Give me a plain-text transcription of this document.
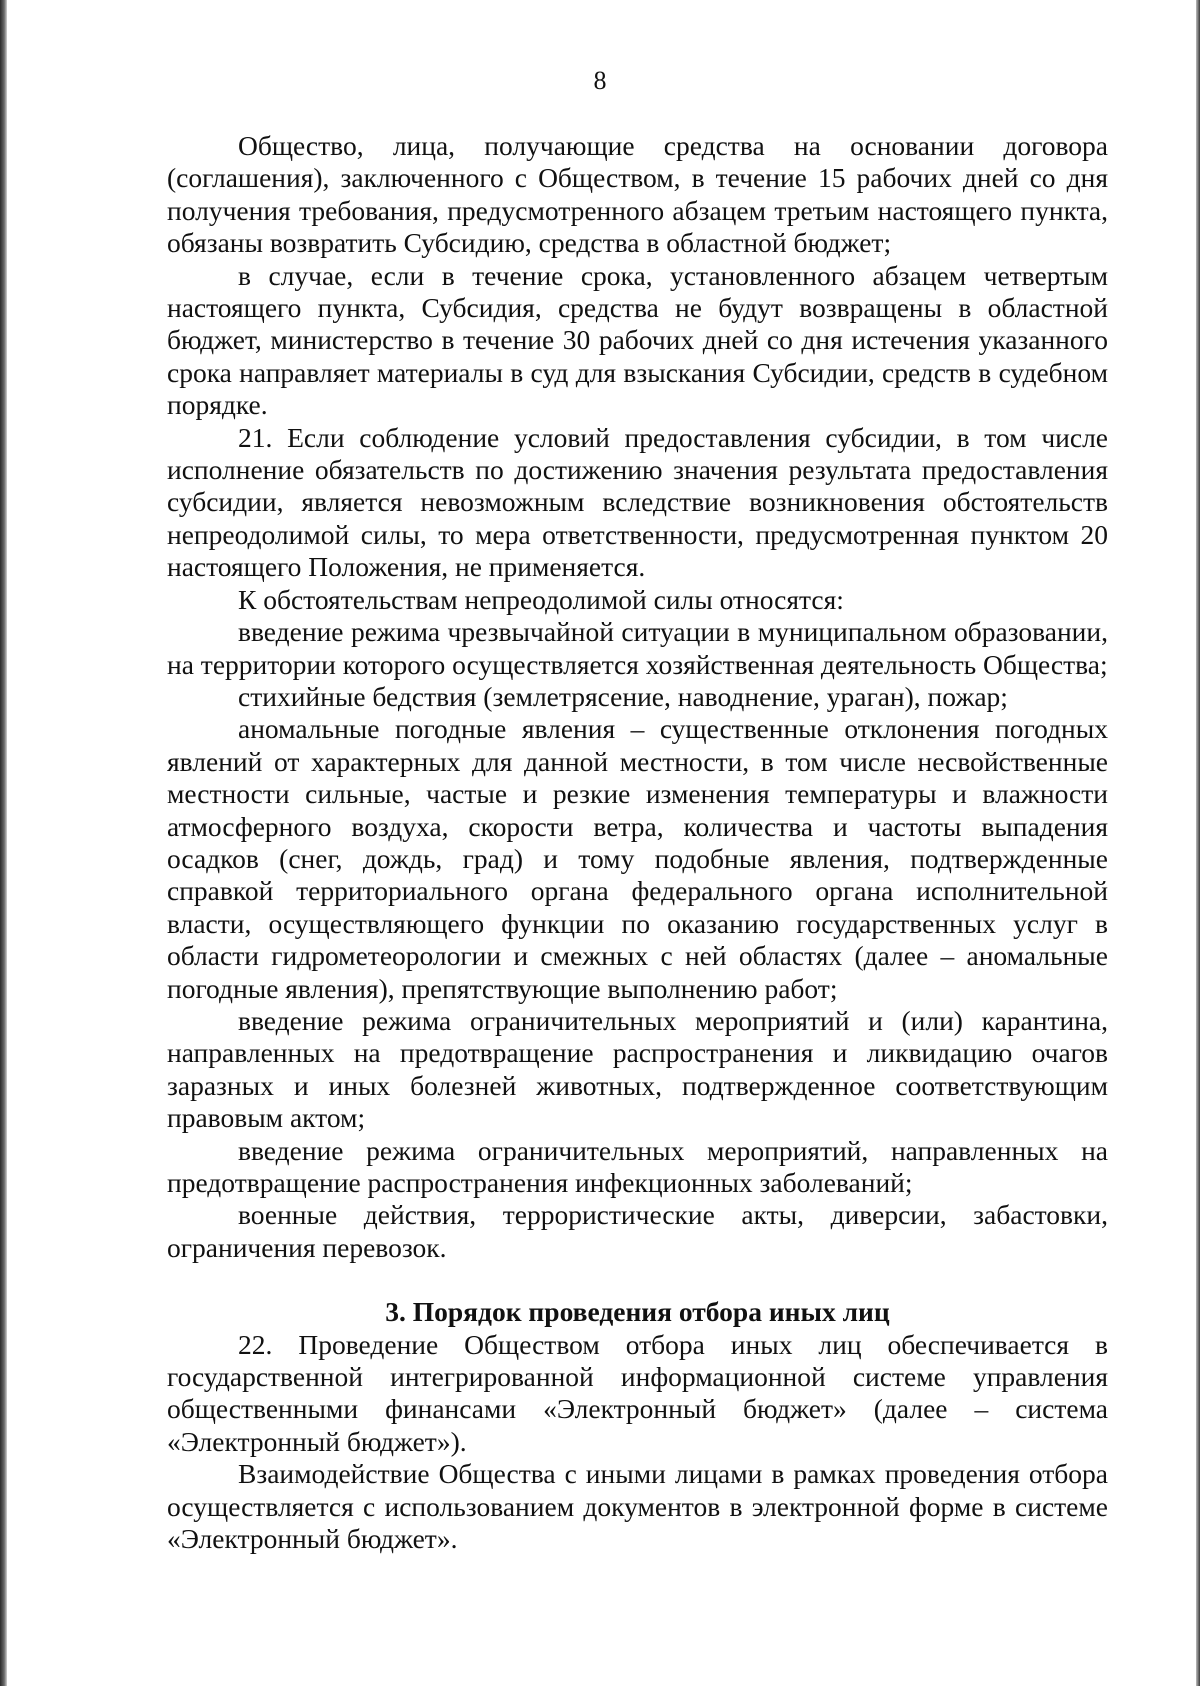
8

Общество, лица, получающие средства на основании договора (соглашения), заключенного с Обществом, в течение 15 рабочих дней со дня получения требования, предусмотренного абзацем третьим настоящего пункта, обязаны возвратить Субсидию, средства в областной бюджет;

в случае, если в течение срока, установленного абзацем четвертым настоящего пункта, Субсидия, средства не будут возвращены в областной бюджет, министерство в течение 30 рабочих дней со дня истечения указанного срока направляет материалы в суд для взыскания Субсидии, средств в судебном порядке.

21. Если соблюдение условий предоставления субсидии, в том числе исполнение обязательств по достижению значения результата предоставления субсидии, является невозможным вследствие возникновения обстоятельств непреодолимой силы, то мера ответственности, предусмотренная пунктом 20 настоящего Положения, не применяется.

К обстоятельствам непреодолимой силы относятся:

введение режима чрезвычайной ситуации в муниципальном образовании, на территории которого осуществляется хозяйственная деятельность Общества;

стихийные бедствия (землетрясение, наводнение, ураган), пожар;

аномальные погодные явления – существенные отклонения погодных явлений от характерных для данной местности, в том числе несвойственные местности сильные, частые и резкие изменения температуры и влажности атмосферного воздуха, скорости ветра, количества и частоты выпадения осадков (снег, дождь, град) и тому подобные явления, подтвержденные справкой территориального органа федерального органа исполнительной власти, осуществляющего функции по оказанию государственных услуг в области гидрометеорологии и смежных с ней областях (далее – аномальные погодные явления), препятствующие выполнению работ;

введение режима ограничительных мероприятий и (или) карантина, направленных на предотвращение распространения и ликвидацию очагов заразных и иных болезней животных, подтвержденное соответствующим правовым актом;

введение режима ограничительных мероприятий, направленных на предотвращение распространения инфекционных заболеваний;

военные действия, террористические акты, диверсии, забастовки, ограничения перевозок.

3. Порядок проведения отбора иных лиц

22. Проведение Обществом отбора иных лиц обеспечивается в государственной интегрированной информационной системе управления общественными финансами «Электронный бюджет» (далее – система «Электронный бюджет»).

Взаимодействие Общества с иными лицами в рамках проведения отбора осуществляется с использованием документов в электронной форме в системе «Электронный бюджет».
